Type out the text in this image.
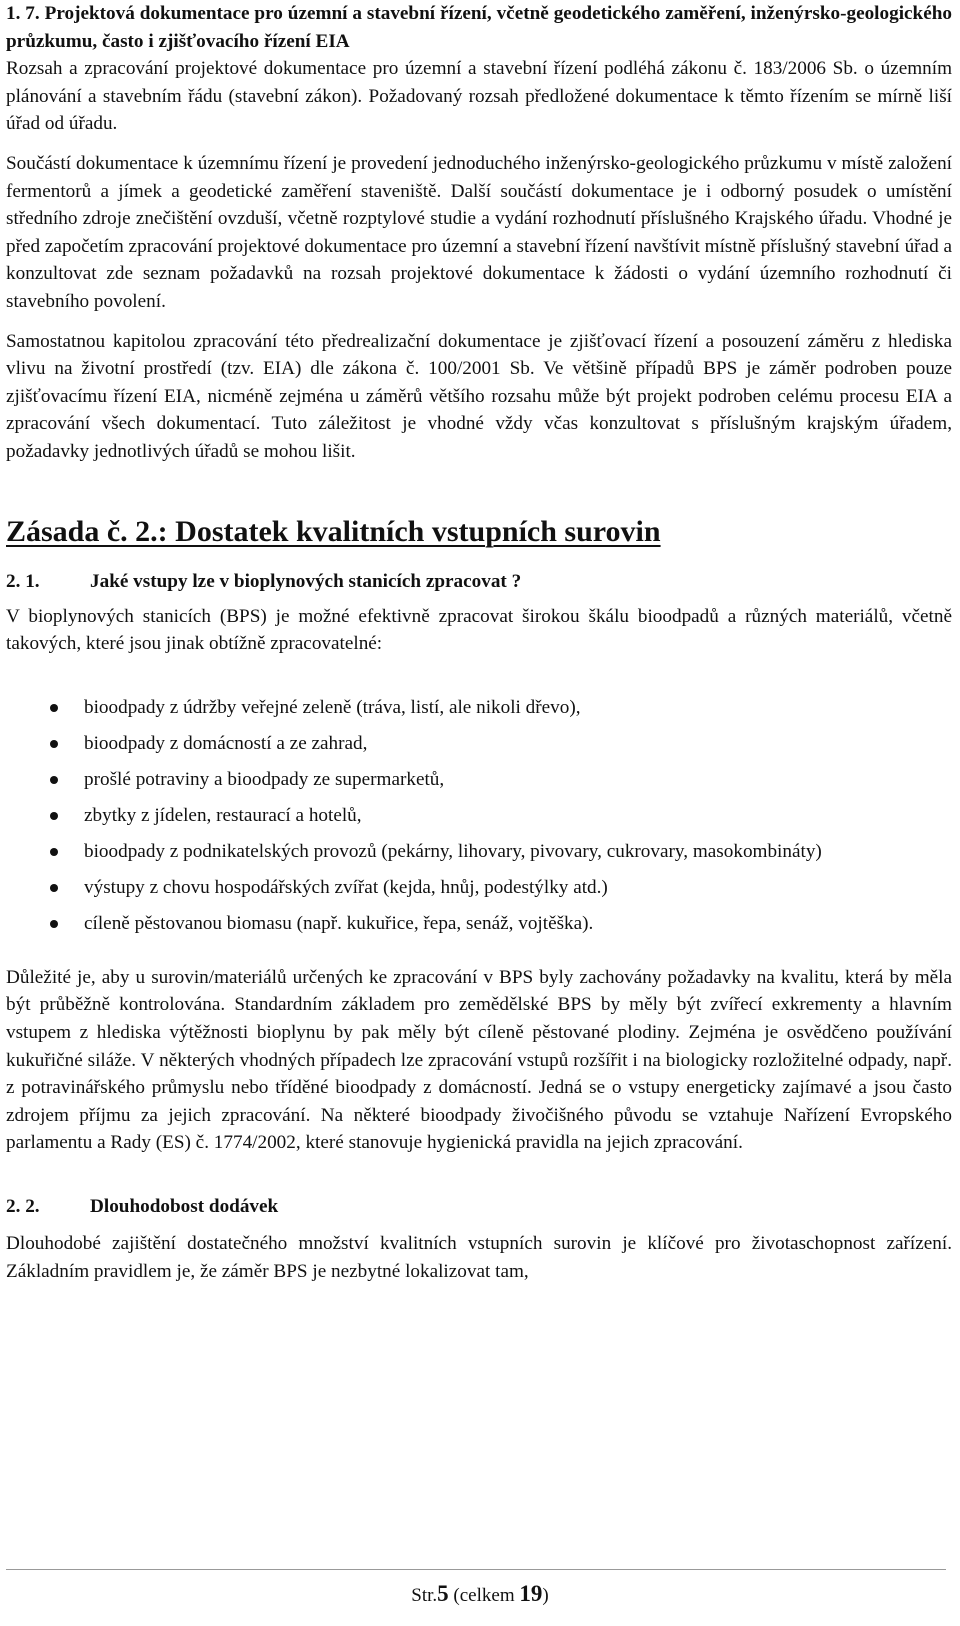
1. 7. Projektová dokumentace pro územní a stavební řízení, včetně geodetického zaměření, inženýrsko-geologického průzkumu, často i zjišťovacího řízení EIA

Rozsah a zpracování projektové dokumentace pro územní a stavební řízení podléhá zákonu č. 183/2006 Sb. o územním plánování a stavebním řádu (stavební zákon). Požadovaný rozsah předložené dokumentace k těmto řízením se mírně liší úřad od úřadu.

Součástí dokumentace k územnímu řízení je provedení jednoduchého inženýrsko-geologického průzkumu v místě založení fermentorů a jímek a geodetické zaměření staveniště. Další součástí dokumentace je i odborný posudek o umístění středního zdroje znečištění ovzduší, včetně rozptylové studie a vydání rozhodnutí příslušného Krajského úřadu. Vhodné je před započetím zpracování projektové dokumentace pro územní a stavební řízení navštívit místně příslušný stavební úřad a konzultovat zde seznam požadavků na rozsah projektové dokumentace k žádosti o vydání územního rozhodnutí či stavebního povolení.

Samostatnou kapitolou zpracování této předrealizační dokumentace je zjišťovací řízení a posouzení záměru z hlediska vlivu na životní prostředí (tzv. EIA) dle zákona č. 100/2001 Sb. Ve většině případů BPS je záměr podroben pouze zjišťovacímu řízení EIA, nicméně zejména u záměrů většího rozsahu může být projekt podroben celému procesu EIA a zpracování všech dokumentací. Tuto záležitost je vhodné vždy včas konzultovat s příslušným krajským úřadem, požadavky jednotlivých úřadů se mohou lišit.

Zásada č. 2.: Dostatek kvalitních vstupních surovin
2. 1.	Jaké vstupy lze v bioplynových stanicích zpracovat ?

V bioplynových stanicích (BPS) je možné efektivně zpracovat širokou škálu bioodpadů a různých materiálů, včetně takových, které jsou jinak obtížně zpracovatelné:

bioodpady z údržby veřejné zeleně (tráva, listí, ale nikoli dřevo),
bioodpady z domácností a ze zahrad,
prošlé potraviny a bioodpady ze supermarketů,
zbytky z jídelen, restaurací a hotelů,
bioodpady z podnikatelských provozů (pekárny, lihovary, pivovary, cukrovary, masokombináty)
výstupy z chovu hospodářských zvířat (kejda, hnůj, podestýlky atd.)
cíleně pěstovanou biomasu (např. kukuřice, řepa, senáž, vojtěška).

Důležité je, aby u surovin/materiálů určených ke zpracování v BPS byly zachovány požadavky na kvalitu, která by měla být průběžně kontrolována. Standardním základem pro zemědělské BPS by měly být zvířecí exkrementy a hlavním vstupem z hlediska výtěžnosti bioplynu by pak měly být cíleně pěstované plodiny. Zejména je osvědčeno používání kukuřičné siláže. V některých vhodných případech lze zpracování vstupů rozšířit i na biologicky rozložitelné odpady, např. z potravinářského průmyslu nebo tříděné bioodpady z domácností. Jedná se o vstupy energeticky zajímavé a jsou často zdrojem příjmu za jejich zpracování. Na některé bioodpady živočišného původu se vztahuje Nařízení Evropského parlamentu a Rady (ES) č. 1774/2002, které stanovuje hygienická pravidla na jejich zpracování.

2. 2.	Dlouhodobost dodávek

Dlouhodobé zajištění dostatečného množství kvalitních vstupních surovin je klíčové pro životaschopnost zařízení. Základním pravidlem je, že záměr BPS je nezbytné lokalizovat tam,

Str.5 (celkem 19)
